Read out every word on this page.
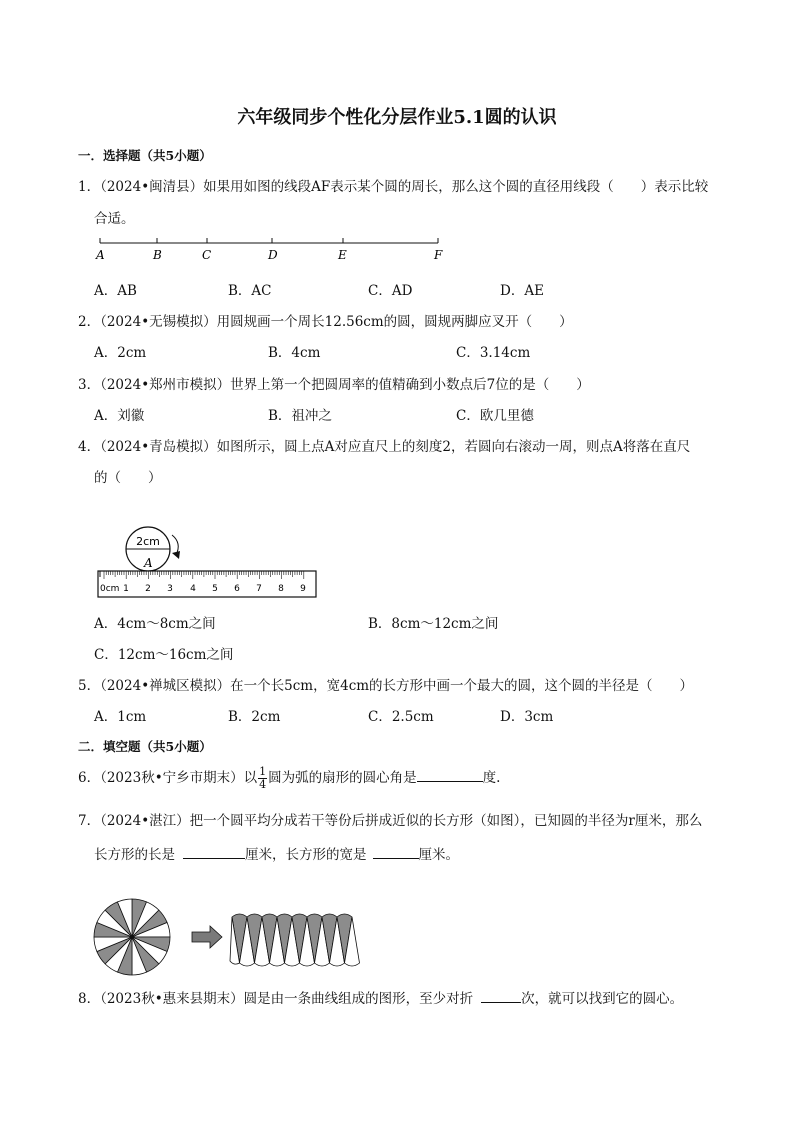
六年级同步个性化分层作业5.1圆的认识
一．选择题（共5小题）
1．（2024•闽清县）如果用如图的线段AF表示某个圆的周长，那么这个圆的直径用线段（　　）表示比较
合适。
A	B	C	D	E	F
A．AB	B．AC	C．AD	D．AE
2．（2024•无锡模拟）用圆规画一个周长12.56cm的圆，圆规两脚应叉开（　　）
A．2cm	B．4cm	C．3.14cm
3．（2024•郑州市模拟）世界上第一个把圆周率的值精确到小数点后7位的是（　　）
A．刘徽	B．祖冲之	C．欧几里德
4．（2024•青岛模拟）如图所示，圆上点A对应直尺上的刻度2，若圆向右滚动一周，则点A将落在直尺
的（　　）
2cm
A
0cm 1 2 3 4 5 6 7 8 9
A．4cm～8cm之间	B．8cm～12cm之间
C．12cm～16cm之间
5．（2024•禅城区模拟）在一个长5cm，宽4cm的长方形中画一个最大的圆，这个圆的半径是（　　）
A．1cm	B．2cm	C．2.5cm	D．3cm
二．填空题（共5小题）
6．（2023秋•宁乡市期末）以 $\frac{1}{4}$ 圆为弧的扇形的圆心角是	度.
7．（2024•湛江）把一个圆平均分成若干等份后拼成近似的长方形（如图），已知圆的半径为r厘米，那么
长方形的长是	厘米，长方形的宽是	厘米。
8．（2023秋•惠来县期末）圆是由一条曲线组成的图形，至少对折	次，就可以找到它的圆心。
